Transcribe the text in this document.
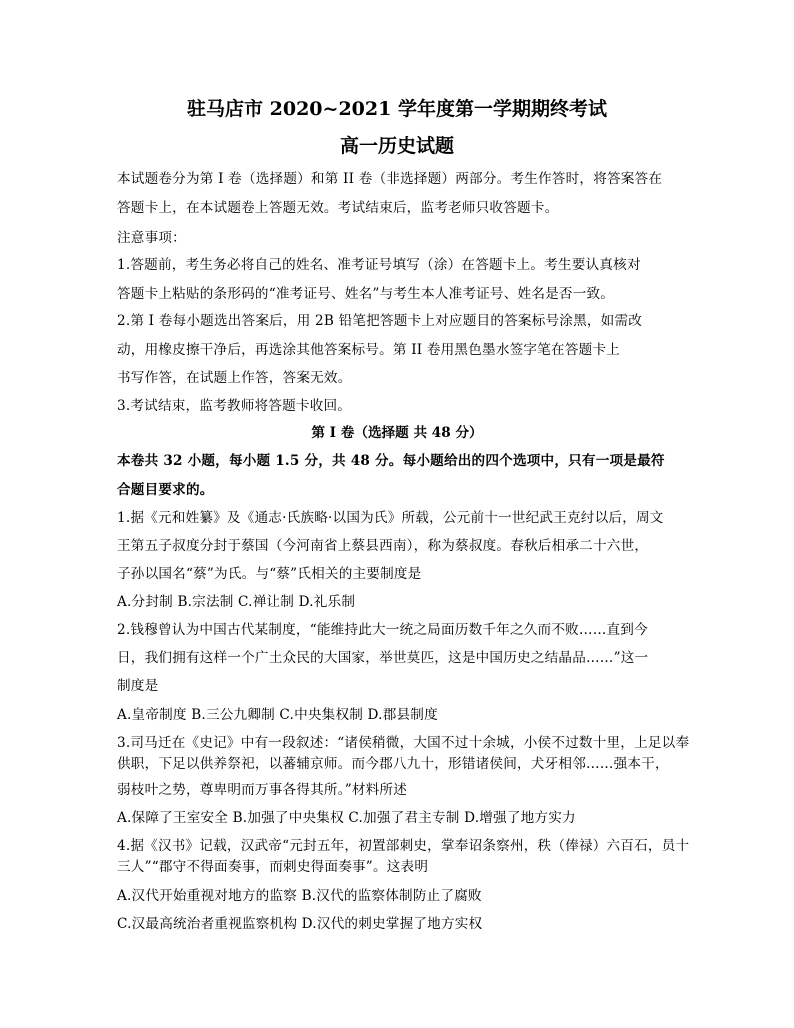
驻马店市 2020~2021 学年度第一学期期终考试
高一历史试题
本试题卷分为第 I 卷（选择题）和第 II 卷（非选择题）两部分。考生作答时，将答案答在
答题卡上，在本试题卷上答题无效。考试结束后，监考老师只收答题卡。
注意事项：
1.答题前，考生务必将自己的姓名、准考证号填写（涂）在答题卡上。考生要认真核对
答题卡上粘贴的条形码的“准考证号、姓名”与考生本人准考证号、姓名是否一致。
2.第 I 卷每小题选出答案后，用 2B 铅笔把答题卡上对应题目的答案标号涂黑，如需改
动，用橡皮擦干净后，再选涂其他答案标号。第 II 卷用黑色墨水签字笔在答题卡上
书写作答，在试题上作答，答案无效。
3.考试结束，监考教师将答题卡收回。
第 I 卷（选择题 共 48 分）
本卷共 32 小题，每小题 1.5 分，共 48 分。每小题给出的四个选项中，只有一项是最符
合题目要求的。
1.据《元和姓纂》及《通志·氏族略·以国为氏》所载，公元前十一世纪武王克纣以后，周文
王第五子叔度分封于蔡国（今河南省上蔡县西南），称为蔡叔度。春秋后相承二十六世，
子孙以国名“蔡”为氏。与“蔡”氏相关的主要制度是
A.分封制 B.宗法制 C.禅让制 D.礼乐制
2.钱穆曾认为中国古代某制度，“能维持此大一统之局面历数千年之久而不败……直到今
日，我们拥有这样一个广土众民的大国家，举世莫匹，这是中国历史之结晶品……”这一
制度是
A.皇帝制度 B.三公九卿制 C.中央集权制 D.郡县制度
3.司马迁在《史记》中有一段叙述：“诸侯稍微，大国不过十余城，小侯不过数十里，上足以奉
供职，下足以供养祭祀，以蕃辅京师。而今郡八九十，形错诸侯间，犬牙相邻……强本干，
弱枝叶之势，尊卑明而万事各得其所。”材料所述
A.保障了王室安全 B.加强了中央集权 C.加强了君主专制 D.增强了地方实力
4.据《汉书》记载，汉武帝“元封五年，初置部刺史，掌奉诏条察州，秩（俸禄）六百石，员十
三人”“郡守不得面奏事，而刺史得面奏事”。这表明
A.汉代开始重视对地方的监察 B.汉代的监察体制防止了腐败
C.汉最高统治者重视监察机构 D.汉代的刺史掌握了地方实权
